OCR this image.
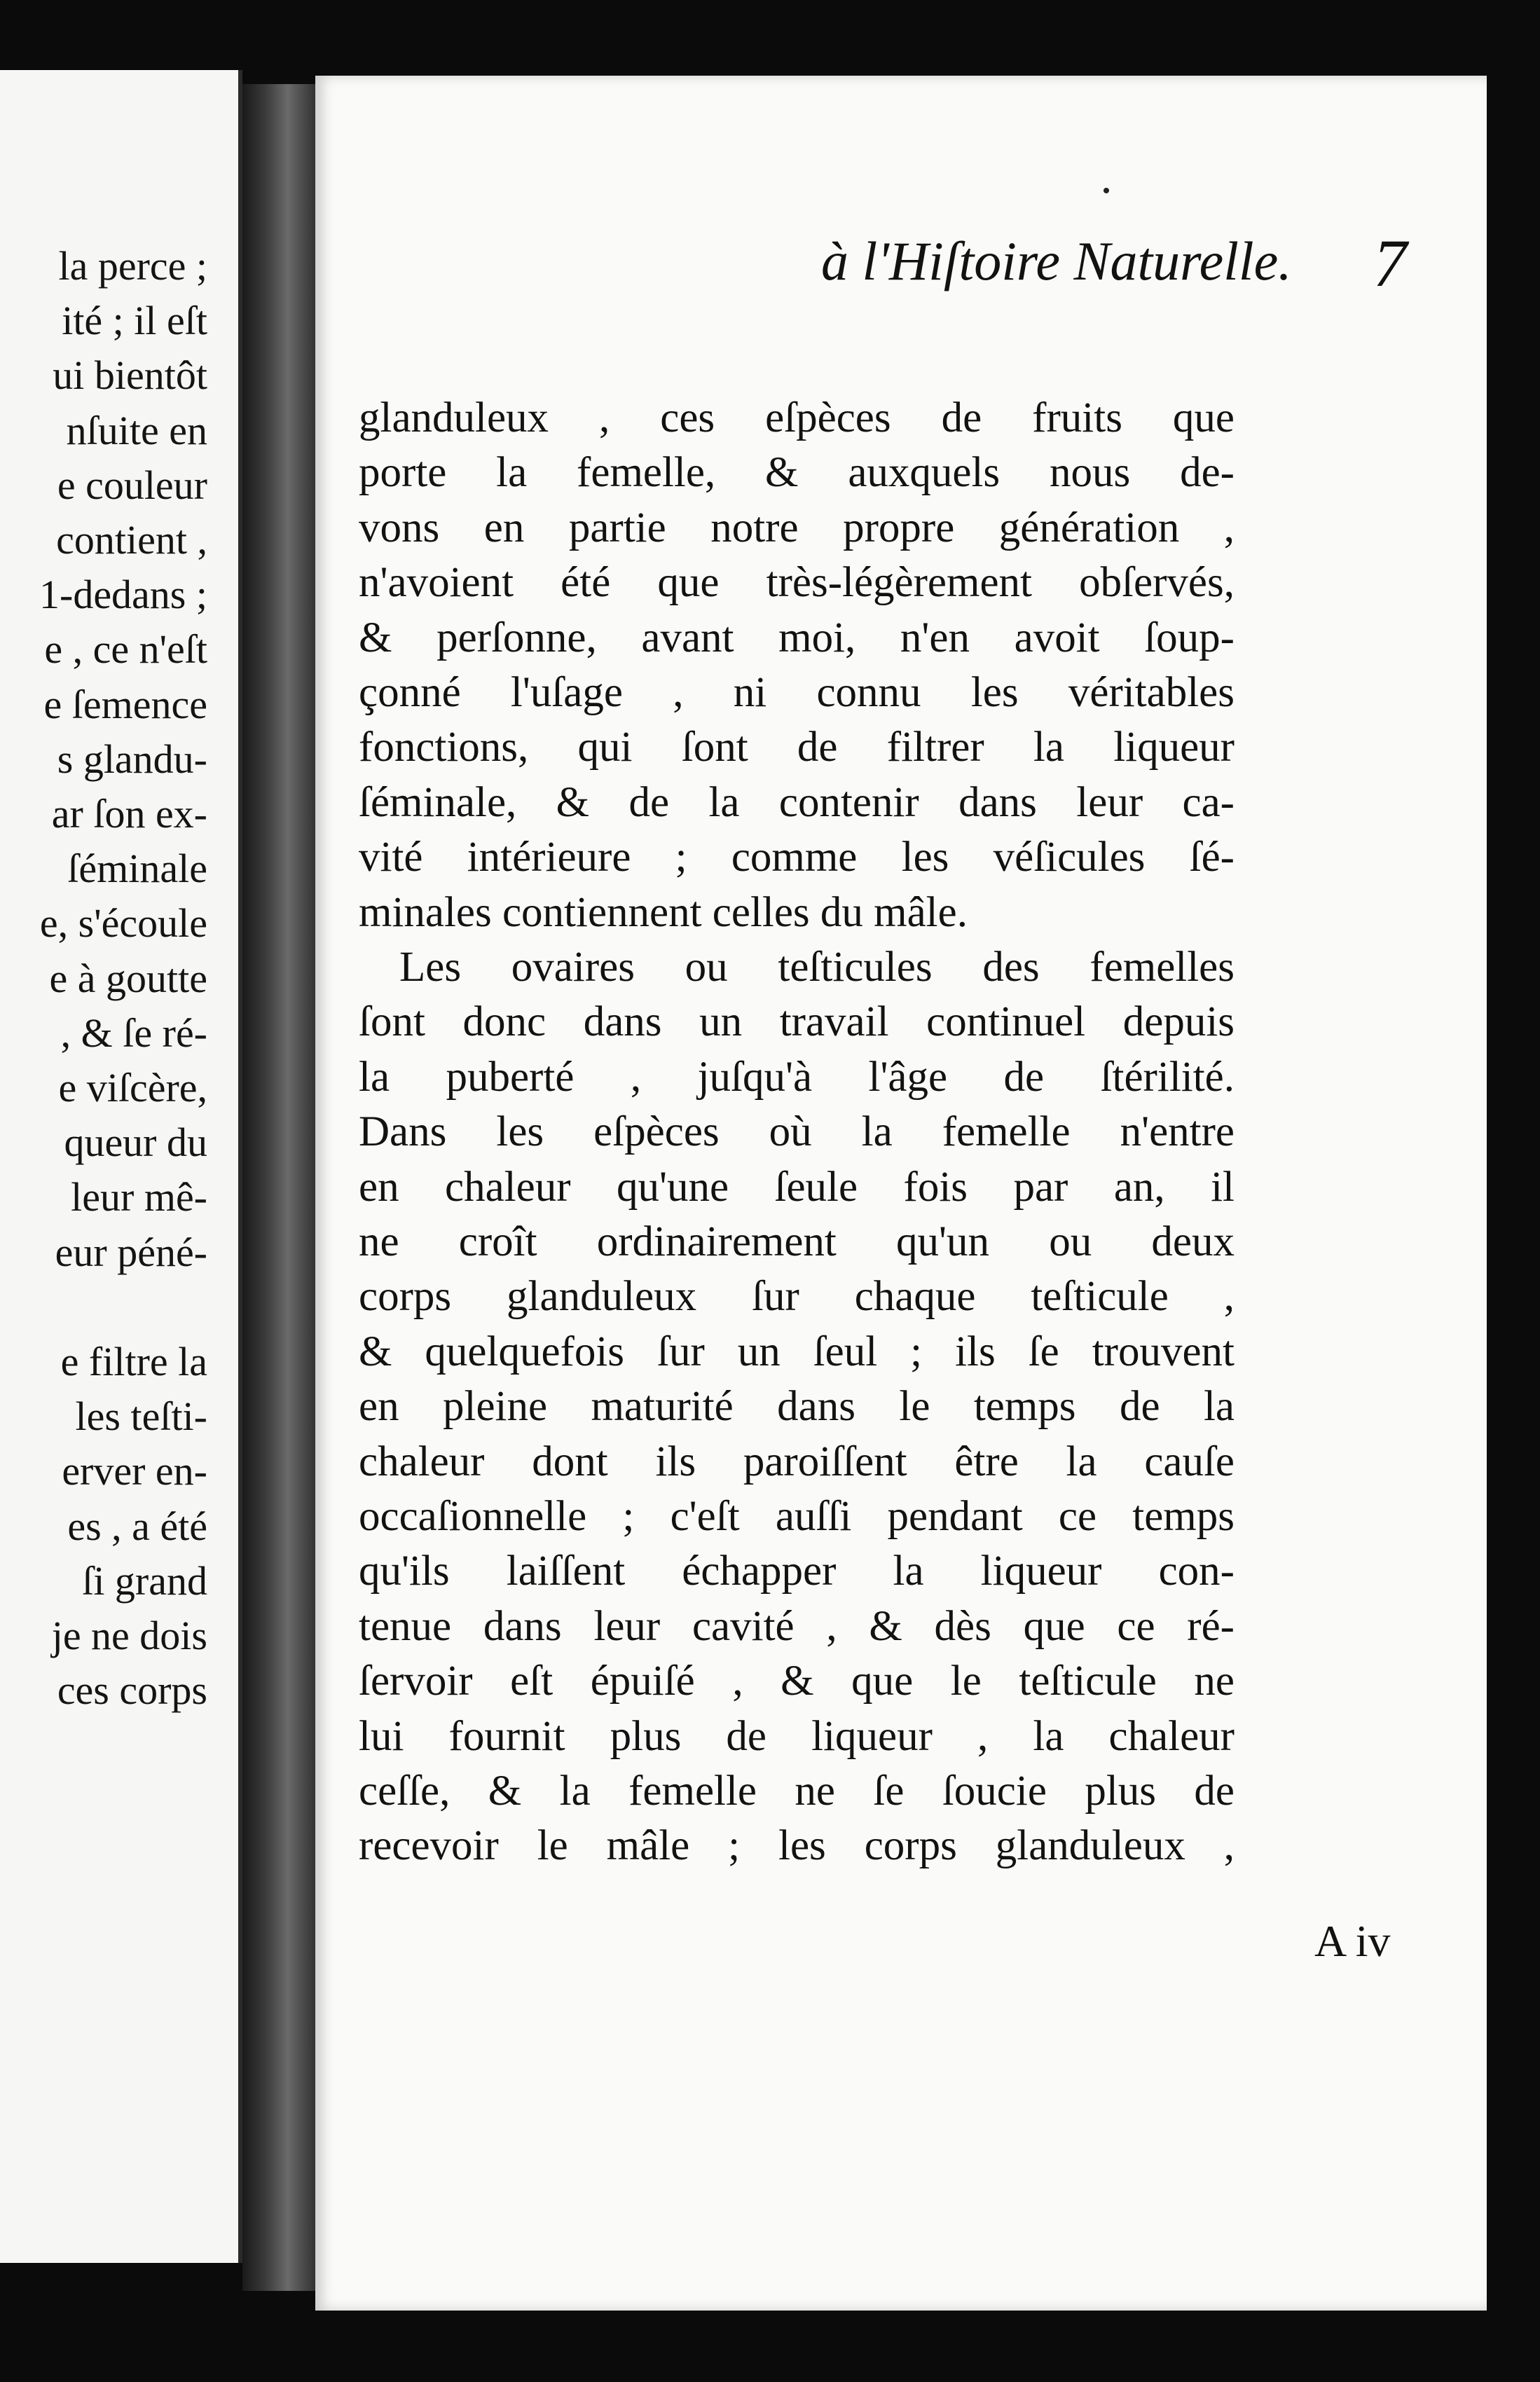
la perce ;
ité ; il eſt
ui bientôt
nſuite en
e couleur
contient ,
1-dedans ;
e , ce n'eſt
e ſemence
s glandu-
ar ſon ex-
ſéminale
e, s'écoule
e à goutte
, & ſe ré-
e viſcère,
queur du
leur mê-
eur péné-
e filtre la
les teſti-
erver en-
es , a été
ſi grand
je ne dois
ces corps
à l'Hiſtoire Naturelle. 7
glanduleux , ces eſpèces de fruits que
porte la femelle, & auxquels nous de-
vons en partie notre propre génération ,
n'avoient été que très-légèrement obſervés,
& perſonne, avant moi, n'en avoit ſoup-
çonné l'uſage , ni connu les véritables
fonctions, qui ſont de filtrer la liqueur
ſéminale, & de la contenir dans leur ca-
vité intérieure ; comme les véſicules ſé-
minales contiennent celles du mâle.
Les ovaires ou teſticules des femelles
ſont donc dans un travail continuel depuis
la puberté , juſqu'à l'âge de ſtérilité.
Dans les eſpèces où la femelle n'entre
en chaleur qu'une ſeule fois par an, il
ne croît ordinairement qu'un ou deux
corps glanduleux ſur chaque teſticule ,
& quelquefois ſur un ſeul ; ils ſe trouvent
en pleine maturité dans le temps de la
chaleur dont ils paroiſſent être la cauſe
occaſionnelle ; c'eſt auſſi pendant ce temps
qu'ils laiſſent échapper la liqueur con-
tenue dans leur cavité , & dès que ce ré-
ſervoir eſt épuiſé , & que le teſticule ne
lui fournit plus de liqueur , la chaleur
ceſſe, & la femelle ne ſe ſoucie plus de
recevoir le mâle ; les corps glanduleux ,
A iv
